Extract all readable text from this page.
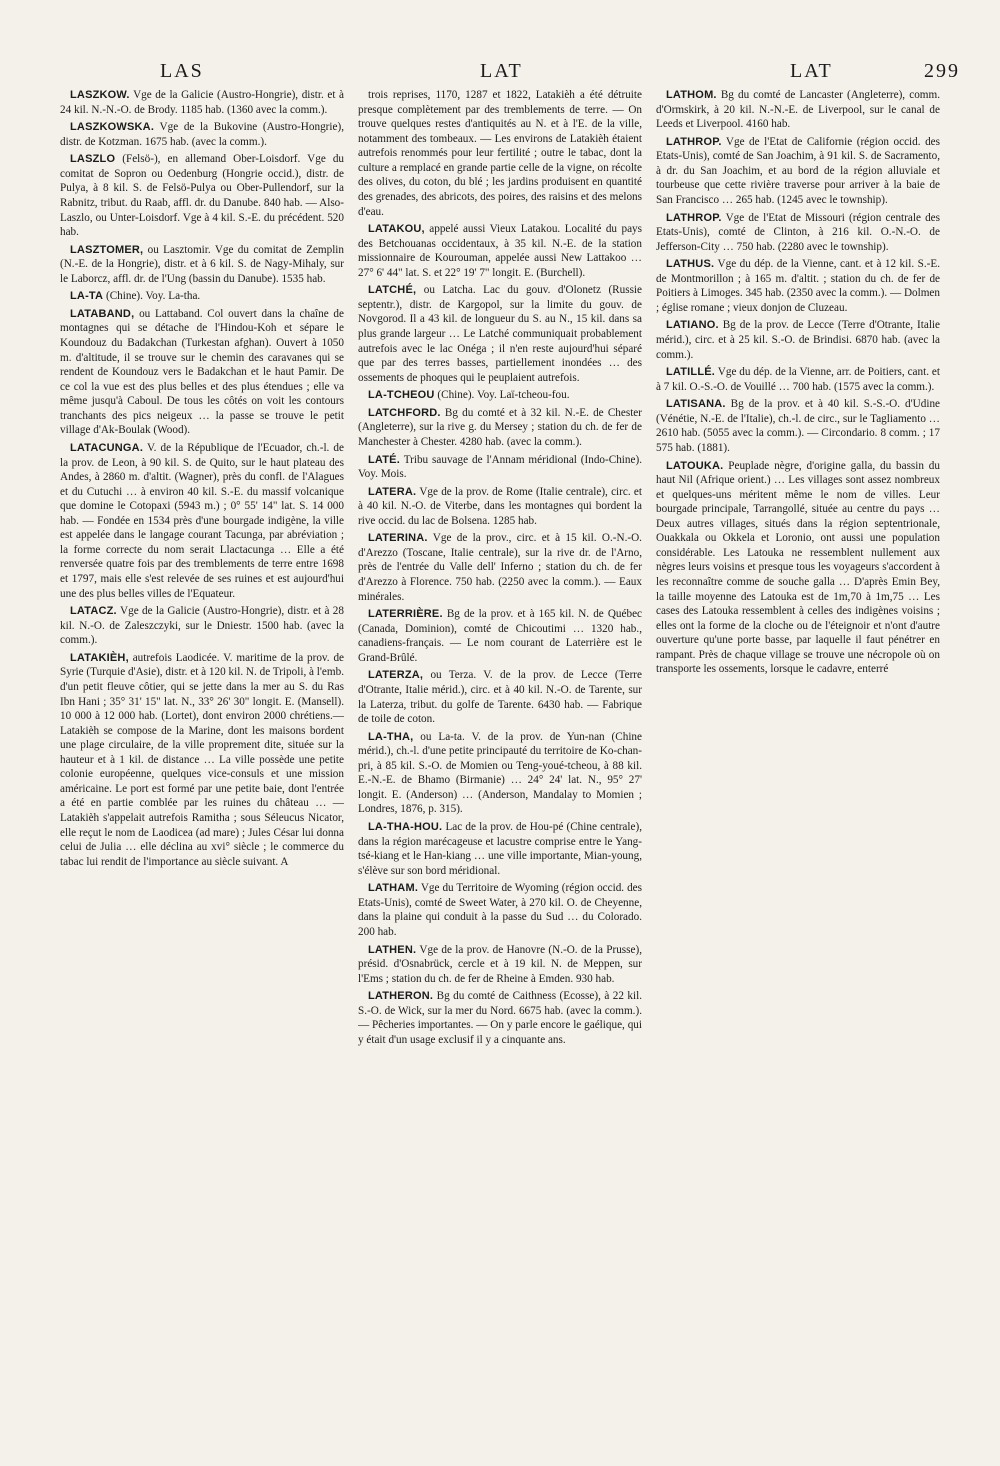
LAS	LAT	LAT	299

LASZKOW. Vge de la Galicie (Austro-Hongrie), distr. et à 24 kil. N.-N.-O. de Brody. 1185 hab. (1360 avec la comm.).

LASZKOWSKA. Vge de la Bukovine (Austro-Hongrie), distr. de Kotzman. 1675 hab. (avec la comm.).

LASZLO (Felsö-), en allemand Ober-Loisdorf. Vge du comitat de Sopron ou Oedenburg (Hongrie occid.), distr. de Pulya, à 8 kil. S. de Felsö-Pulya ou Ober-Pullendorf, sur la Rabnitz, tribut. du Raab, affl. dr. du Danube. 840 hab. — Also-Laszlo, ou Unter-Loisdorf. Vge à 4 kil. S.-E. du précédent. 520 hab.

LASZTOMER, ou Lasztomir. Vge du comitat de Zemplin (N.-E. de la Hongrie), distr. et à 6 kil. S. de Nagy-Mihaly, sur le Laborcz, affl. dr. de l'Ung (bassin du Danube). 1535 hab.

LA-TA (Chine). Voy. La-tha.

LATABAND, ou Lattaband. Col ouvert dans la chaîne de montagnes qui se détache de l'Hindou-Koh et sépare le Koundouz du Badakchan (Turkestan afghan). Ouvert à 1050 m. d'altitude, il se trouve sur le chemin des caravanes qui se rendent de Koundouz vers le Badakchan et le haut Pamir. De ce col la vue est des plus belles et des plus étendues ; elle va même jusqu'à Caboul. De tous les côtés on voit les contours tranchants des pics neigeux … la passe se trouve le petit village d'Ak-Boulak (Wood).

LATACUNGA. V. de la République de l'Ecuador, ch.-l. de la prov. de Leon, à 90 kil. S. de Quito, sur le haut plateau des Andes, à 2860 m. d'altit. (Wagner), près du confl. de l'Alagues et du Cutuchi … à environ 40 kil. S.-E. du massif volcanique que domine le Cotopaxi (5943 m.) ; 0° 55' 14" lat. S. 14 000 hab. — Fondée en 1534 près d'une bourgade indigène, la ville est appelée dans le langage courant Tacunga, par abréviation ; la forme correcte du nom serait Llactacunga … Elle a été renversée quatre fois par des tremblements de terre entre 1698 et 1797, mais elle s'est relevée de ses ruines et est aujourd'hui une des plus belles villes de l'Equateur.

LATACZ. Vge de la Galicie (Austro-Hongrie), distr. et à 28 kil. N.-O. de Zaleszczyki, sur le Dniestr. 1500 hab. (avec la comm.).

LATAKIÈH, autrefois Laodicée. V. maritime de la prov. de Syrie (Turquie d'Asie), distr. et à 120 kil. N. de Tripoli, à l'emb. d'un petit fleuve côtier, qui se jette dans la mer au S. du Ras Ibn Hani ; 35° 31' 15" lat. N., 33° 26' 30" longit. E. (Mansell). 10 000 à 12 000 hab. (Lortet), dont environ 2000 chrétiens.— Latakièh se compose de la Marine, dont les maisons bordent une plage circulaire, de la ville proprement dite, située sur la hauteur et à 1 kil. de distance … La ville possède une petite colonie européenne, quelques vice-consuls et une mission américaine. Le port est formé par une petite baie, dont l'entrée a été en partie comblée par les ruines du château … — Latakièh s'appelait autrefois Ramitha ; sous Séleucus Nicator, elle reçut le nom de Laodicea (ad mare) ; Jules César lui donna celui de Julia … elle déclina au xvi° siècle ; le commerce du tabac lui rendit de l'importance au siècle suivant. A

trois reprises, 1170, 1287 et 1822, Latakièh a été détruite presque complètement par des tremblements de terre. — On trouve quelques restes d'antiquités au N. et à l'E. de la ville, notamment des tombeaux. — Les environs de Latakièh étaient autrefois renommés pour leur fertilité ; outre le tabac, dont la culture a remplacé en grande partie celle de la vigne, on récolte des olives, du coton, du blé ; les jardins produisent en quantité des grenades, des abricots, des poires, des raisins et des melons d'eau.

LATAKOU, appelé aussi Vieux Latakou. Localité du pays des Betchouanas occidentaux, à 35 kil. N.-E. de la station missionnaire de Kourouman, appelée aussi New Lattakoo … 27° 6' 44" lat. S. et 22° 19' 7" longit. E. (Burchell).

LATCHÉ, ou Latcha. Lac du gouv. d'Olonetz (Russie septentr.), distr. de Kargopol, sur la limite du gouv. de Novgorod. Il a 43 kil. de longueur du S. au N., 15 kil. dans sa plus grande largeur … Le Latché communiquait probablement autrefois avec le lac Onéga ; il n'en reste aujourd'hui séparé que par des terres basses, partiellement inondées … des ossements de phoques qui le peuplaient autrefois.

LA-TCHEOU (Chine). Voy. Laï-tcheou-fou.

LATCHFORD. Bg du comté et à 32 kil. N.-E. de Chester (Angleterre), sur la rive g. du Mersey ; station du ch. de fer de Manchester à Chester. 4280 hab. (avec la comm.).

LATÉ. Tribu sauvage de l'Annam méridional (Indo-Chine). Voy. Mois.

LATERA. Vge de la prov. de Rome (Italie centrale), circ. et à 40 kil. N.-O. de Viterbe, dans les montagnes qui bordent la rive occid. du lac de Bolsena. 1285 hab.

LATERINA. Vge de la prov., circ. et à 15 kil. O.-N.-O. d'Arezzo (Toscane, Italie centrale), sur la rive dr. de l'Arno, près de l'entrée du Valle dell' Inferno ; station du ch. de fer d'Arezzo à Florence. 750 hab. (2250 avec la comm.). — Eaux minérales.

LATERRIÈRE. Bg de la prov. et à 165 kil. N. de Québec (Canada, Dominion), comté de Chicoutimi … 1320 hab., canadiens-français. — Le nom courant de Laterrière est le Grand-Brûlé.

LATERZA, ou Terza. V. de la prov. de Lecce (Terre d'Otrante, Italie mérid.), circ. et à 40 kil. N.-O. de Tarente, sur la Laterza, tribut. du golfe de Tarente. 6430 hab. — Fabrique de toile de coton.

LA-THA, ou La-ta. V. de la prov. de Yun-nan (Chine mérid.), ch.-l. d'une petite principauté du territoire de Ko-chan-pri, à 85 kil. S.-O. de Momien ou Teng-youé-tcheou, à 88 kil. E.-N.-E. de Bhamo (Birmanie) … 24° 24' lat. N., 95° 27' longit. E. (Anderson) … (Anderson, Mandalay to Momien ; Londres, 1876, p. 315).

LA-THA-HOU. Lac de la prov. de Hou-pé (Chine centrale), dans la région marécageuse et lacustre comprise entre le Yang-tsé-kiang et le Han-kiang … une ville importante, Mian-young, s'élève sur son bord méridional.

LATHAM. Vge du Territoire de Wyoming (région occid. des Etats-Unis), comté de Sweet Water, à 270 kil. O. de Cheyenne, dans la plaine qui conduit à la passe du Sud … du Colorado. 200 hab.

LATHEN. Vge de la prov. de Hanovre (N.-O. de la Prusse), présid. d'Osnabrück, cercle et à 19 kil. N. de Meppen, sur l'Ems ; station du ch. de fer de Rheine à Emden. 930 hab.

LATHERON. Bg du comté de Caithness (Ecosse), à 22 kil. S.-O. de Wick, sur la mer du Nord. 6675 hab. (avec la comm.). — Pêcheries importantes. — On y parle encore le gaélique, qui y était d'un usage exclusif il y a cinquante ans.

LATHOM. Bg du comté de Lancaster (Angleterre), comm. d'Ormskirk, à 20 kil. N.-N.-E. de Liverpool, sur le canal de Leeds et Liverpool. 4160 hab.

LATHROP. Vge de l'Etat de Californie (région occid. des Etats-Unis), comté de San Joachim, à 91 kil. S. de Sacramento, à dr. du San Joachim, et au bord de la région alluviale et tourbeuse que cette rivière traverse pour arriver à la baie de San Francisco … 265 hab. (1245 avec le township).

LATHROP. Vge de l'Etat de Missouri (région centrale des Etats-Unis), comté de Clinton, à 216 kil. O.-N.-O. de Jefferson-City … 750 hab. (2280 avec le township).

LATHUS. Vge du dép. de la Vienne, cant. et à 12 kil. S.-E. de Montmorillon ; à 165 m. d'altit. ; station du ch. de fer de Poitiers à Limoges. 345 hab. (2350 avec la comm.). — Dolmen ; église romane ; vieux donjon de Cluzeau.

LATIANO. Bg de la prov. de Lecce (Terre d'Otrante, Italie mérid.), circ. et à 25 kil. S.-O. de Brindisi. 6870 hab. (avec la comm.).

LATILLÉ. Vge du dép. de la Vienne, arr. de Poitiers, cant. et à 7 kil. O.-S.-O. de Vouillé … 700 hab. (1575 avec la comm.).

LATISANA. Bg de la prov. et à 40 kil. S.-S.-O. d'Udine (Vénétie, N.-E. de l'Italie), ch.-l. de circ., sur le Tagliamento … 2610 hab. (5055 avec la comm.). — Circondario. 8 comm. ; 17 575 hab. (1881).

LATOUKA. Peuplade nègre, d'origine galla, du bassin du haut Nil (Afrique orient.) … Les villages sont assez nombreux et quelques-uns méritent même le nom de villes. Leur bourgade principale, Tarrangollé, située au centre du pays … Deux autres villages, situés dans la région septentrionale, Ouakkala ou Okkela et Loronio, ont aussi une population considérable. Les Latouka ne ressemblent nullement aux nègres leurs voisins et presque tous les voyageurs s'accordent à les reconnaître comme de souche galla … D'après Emin Bey, la taille moyenne des Latouka est de 1m,70 à 1m,75 … Les cases des Latouka ressemblent à celles des indigènes voisins ; elles ont la forme de la cloche ou de l'éteignoir et n'ont d'autre ouverture qu'une porte basse, par laquelle il faut pénétrer en rampant. Près de chaque village se trouve une nécropole où on transporte les ossements, lorsque le cadavre, enterré
